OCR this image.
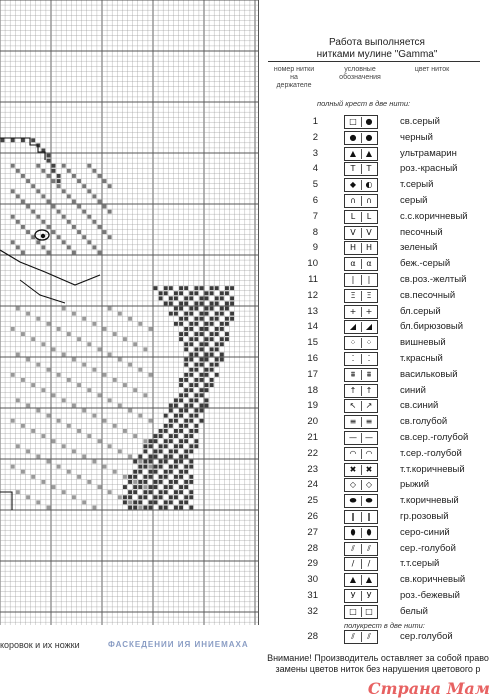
коровок и их ножки	ФАСКЕДЕНИИ ИЯ ИНИЕМАХА
Работа выполняется
нитками мулине "Gamma"
номер нитки на держателе
условные обозначения
цвет ниток
полный крест в две нити:
1	□	●	св.серый
2	●	●	черный
3	▲	▲	ультрамарин
4	T	T	роз.-красный
5	◆	◐	т.серый
6	∩	∩	серый
7	L	L	с.с.коричневый
8	V	V	песочный
9	H	H	зеленый
10	α	α	беж.-серый
11	|	|	св.роз.-желтый
12	Ξ	Ξ	св.песочный
13	+	+	бл.серый
14	◢	◢	бл.бирюзовый
15	⁘	⁘	вишневый
16	⁚	⁚	т.красный
17	⩩	⩩	васильковый
18	↑	↑	синий
19	↖	↗	св.синий
20	≡	≡	св.голубой
21	—	—	св.сер.-голубой
22	◠	◠	т.сер.-голубой
23	✖	✖	т.т.коричневый
24	◇	◇	рыжий
25	⬬	⬬	т.коричневый
26	‖	‖	гр.розовый
27	⬮	⬮	серо-синий
28	⫽	⫽	сер.-голубой
29	/	/	т.т.серый
30	▲	▲	св.коричневый
31	У	У	роз.-бежевый
32	□	□	белый
полукрест в две нити:
28	⫽	⫽	сер.голубой
Внимание! Производитель оставляет за собой право замены цветов ниток без нарушения цветового р
Страна Мам
